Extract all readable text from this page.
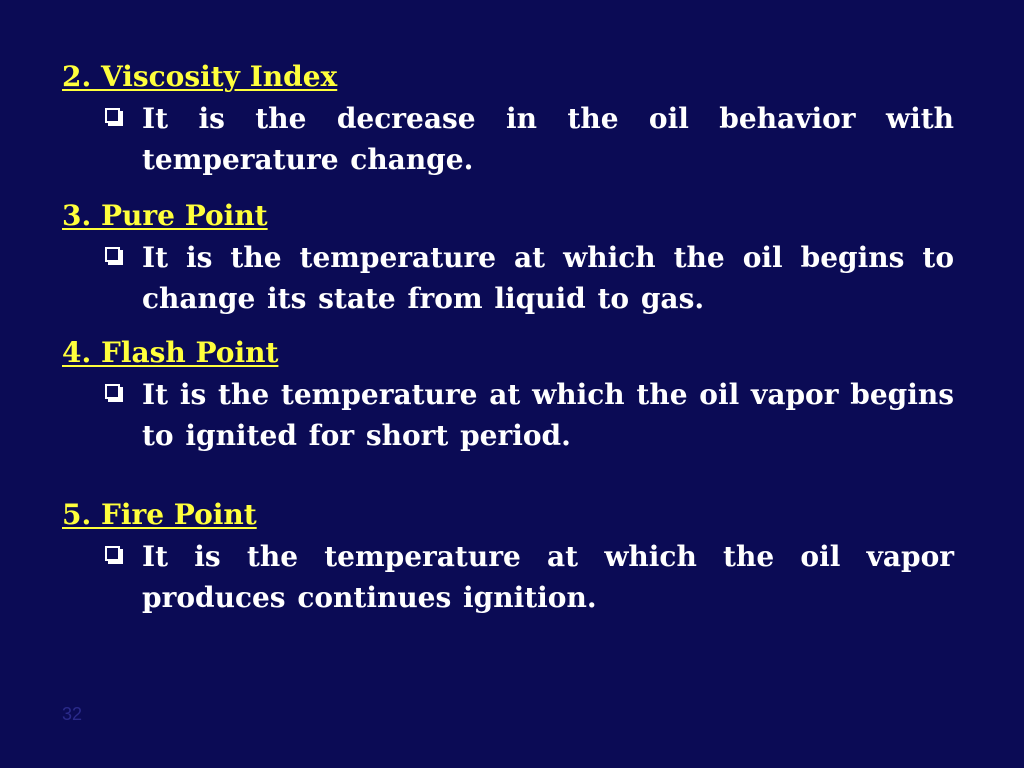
2. Viscosity Index
It is the decrease in the oil behavior with temperature change.
3. Pure Point
It is the temperature at which the oil begins to change its state from liquid to gas.
4. Flash Point
It is the temperature at which the oil vapor begins to ignited for short period.
5. Fire Point
It is the temperature at which the oil vapor produces continues ignition.
32
